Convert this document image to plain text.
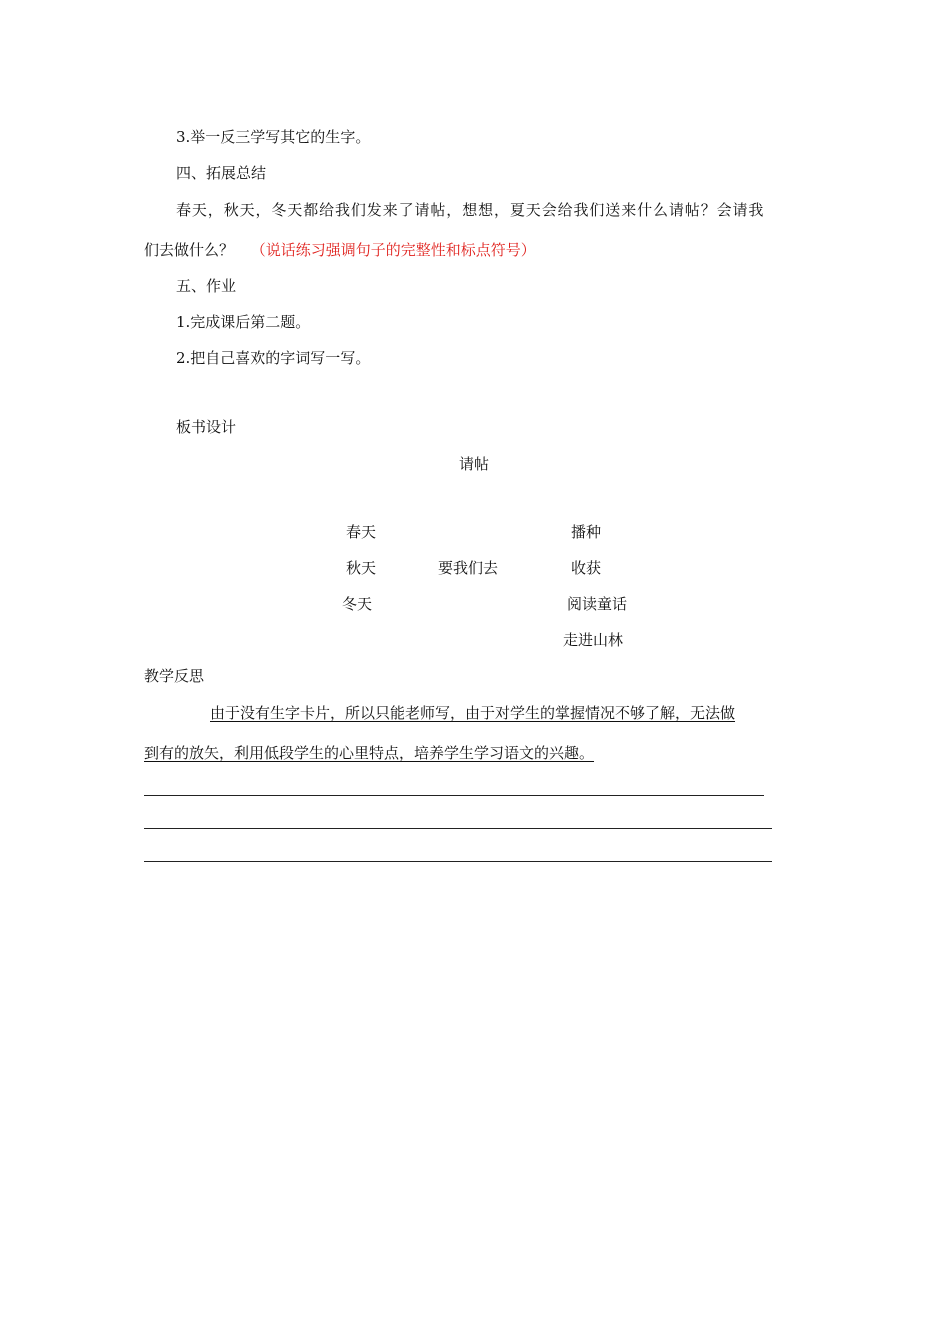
3.举一反三学写其它的生字。
四、拓展总结
春天，秋天，冬天都给我们发来了请帖，想想，夏天会给我们送来什么请帖？会请我
们去做什么？ （说话练习强调句子的完整性和标点符号）
五、作业
1.完成课后第二题。
2.把自己喜欢的字词写一写。
板书设计
请帖
春天
秋天
冬天
要我们去
播种
收获
阅读童话
走进山林
教学反思
由于没有生字卡片，所以只能老师写，由于对学生的掌握情况不够了解，无法做
到有的放矢，利用低段学生的心里特点，培养学生学习语文的兴趣。
